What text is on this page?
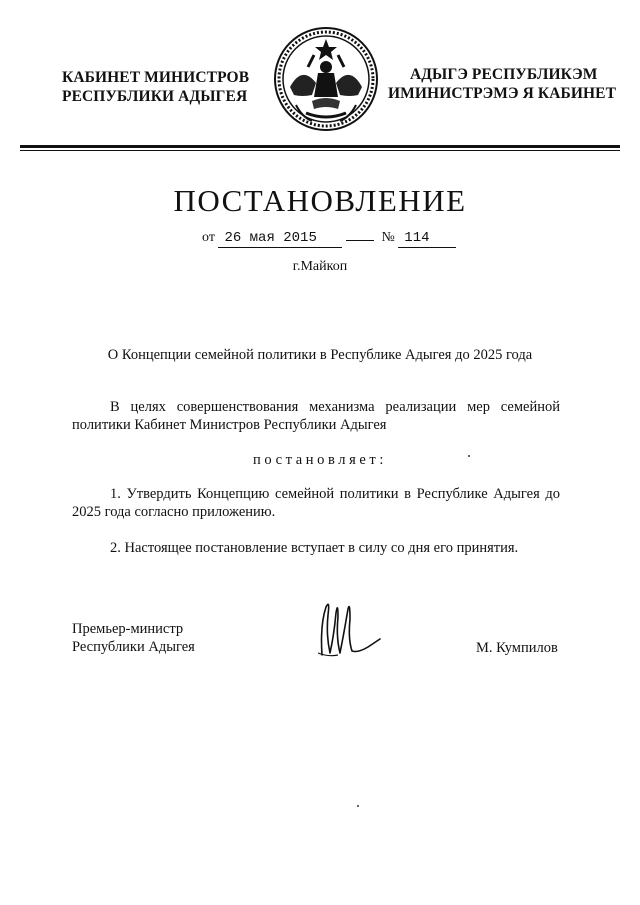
КАБИНЕТ МИНИСТРОВ
РЕСПУБЛИКИ АДЫГЕЯ
АДЫГЭ РЕСПУБЛИКЭМ
ИМИНИСТРЭМЭ Я КАБИНЕТ
ПОСТАНОВЛЕНИЕ
от 26 мая 2015	№ 114
г.Майкоп
О Концепции семейной политики в Республике Адыгея до 2025 года
В целях совершенствования механизма реализации мер семейной политики Кабинет Министров Республики Адыгея
постановляет:
1. Утвердить Концепцию семейной политики в Республике Адыгея до 2025 года согласно приложению.
2. Настоящее постановление вступает в силу со дня его принятия.
Премьер-министр
Республики Адыгея	М. Кумпилов
